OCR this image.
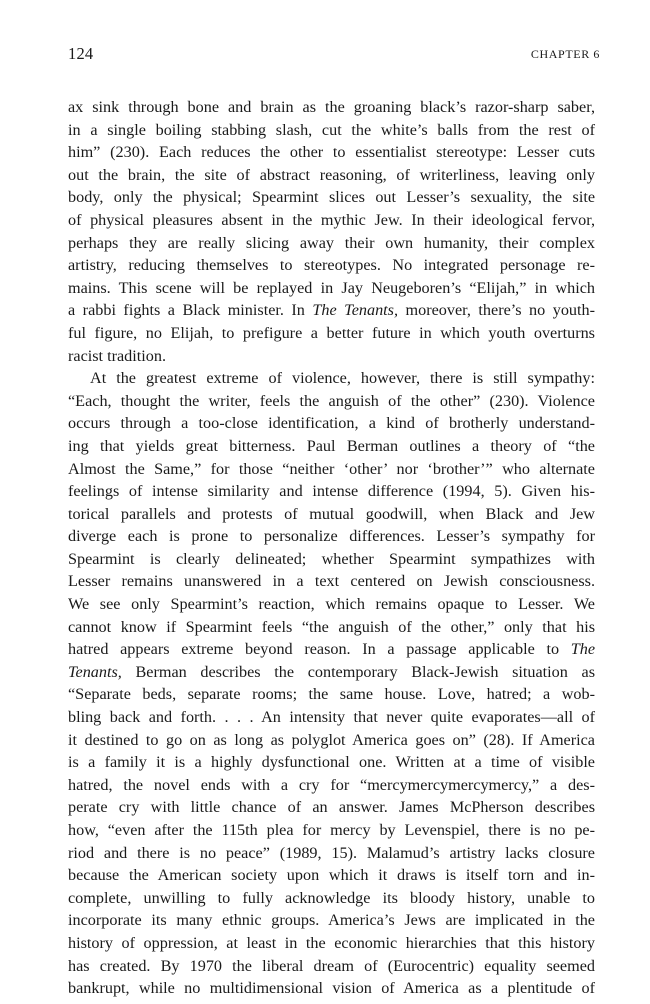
124	CHAPTER 6
ax sink through bone and brain as the groaning black’s razor-sharp saber,
in a single boiling stabbing slash, cut the white’s balls from the rest of
him” (230). Each reduces the other to essentialist stereotype: Lesser cuts
out the brain, the site of abstract reasoning, of writerliness, leaving only
body, only the physical; Spearmint slices out Lesser’s sexuality, the site
of physical pleasures absent in the mythic Jew. In their ideological fervor,
perhaps they are really slicing away their own humanity, their complex
artistry, reducing themselves to stereotypes. No integrated personage re-
mains. This scene will be replayed in Jay Neugeboren’s “Elijah,” in which
a rabbi fights a Black minister. In The Tenants, moreover, there’s no youth-
ful figure, no Elijah, to prefigure a better future in which youth overturns
racist tradition.
At the greatest extreme of violence, however, there is still sympathy:
“Each, thought the writer, feels the anguish of the other” (230). Violence
occurs through a too-close identification, a kind of brotherly understand-
ing that yields great bitterness. Paul Berman outlines a theory of “the
Almost the Same,” for those “neither ‘other’ nor ‘brother’” who alternate
feelings of intense similarity and intense difference (1994, 5). Given his-
torical parallels and protests of mutual goodwill, when Black and Jew
diverge each is prone to personalize differences. Lesser’s sympathy for
Spearmint is clearly delineated; whether Spearmint sympathizes with
Lesser remains unanswered in a text centered on Jewish consciousness.
We see only Spearmint’s reaction, which remains opaque to Lesser. We
cannot know if Spearmint feels “the anguish of the other,” only that his
hatred appears extreme beyond reason. In a passage applicable to The
Tenants, Berman describes the contemporary Black-Jewish situation as
“Separate beds, separate rooms; the same house. Love, hatred; a wob-
bling back and forth. . . . An intensity that never quite evaporates—all of
it destined to go on as long as polyglot America goes on” (28). If America
is a family it is a highly dysfunctional one. Written at a time of visible
hatred, the novel ends with a cry for “mercymercymercymercy,” a des-
perate cry with little chance of an answer. James McPherson describes
how, “even after the 115th plea for mercy by Levenspiel, there is no pe-
riod and there is no peace” (1989, 15). Malamud’s artistry lacks closure
because the American society upon which it draws is itself torn and in-
complete, unwilling to fully acknowledge its bloody history, unable to
incorporate its many ethnic groups. America’s Jews are implicated in the
history of oppression, at least in the economic hierarchies that this history
has created. By 1970 the liberal dream of (Eurocentric) equality seemed
bankrupt, while no multidimensional vision of America as a plentitude of
